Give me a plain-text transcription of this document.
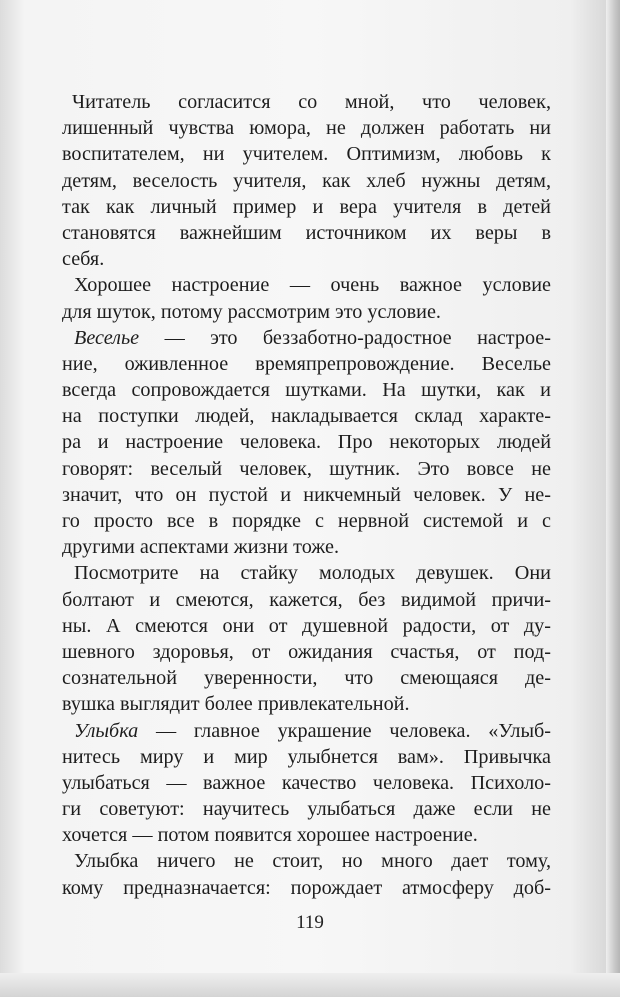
Читатель согласится со мной, что человек,
лишенный чувства юмора, не должен работать ни
воспитателем, ни учителем. Оптимизм, любовь к
детям, веселость учителя, как хлеб нужны детям,
так как личный пример и вера учителя в детей
становятся важнейшим источником их веры в
себя.
Хорошее настроение — очень важное условие
для шуток, потому рассмотрим это условие.
Веселье — это беззаботно-радостное настрое-
ние, оживленное времяпрепровождение. Веселье
всегда сопровождается шутками. На шутки, как и
на поступки людей, накладывается склад характе-
ра и настроение человека. Про некоторых людей
говорят: веселый человек, шутник. Это вовсе не
значит, что он пустой и никчемный человек. У не-
го просто все в порядке с нервной системой и с
другими аспектами жизни тоже.
Посмотрите на стайку молодых девушек. Они
болтают и смеются, кажется, без видимой причи-
ны. А смеются они от душевной радости, от ду-
шевного здоровья, от ожидания счастья, от под-
сознательной уверенности, что смеющаяся де-
вушка выглядит более привлекательной.
Улыбка — главное украшение человека. «Улыб-
нитесь миру и мир улыбнется вам». Привычка
улыбаться — важное качество человека. Психоло-
ги советуют: научитесь улыбаться даже если не
хочется — потом появится хорошее настроение.
Улыбка ничего не стоит, но много дает тому,
кому предназначается: порождает атмосферу доб-
119
